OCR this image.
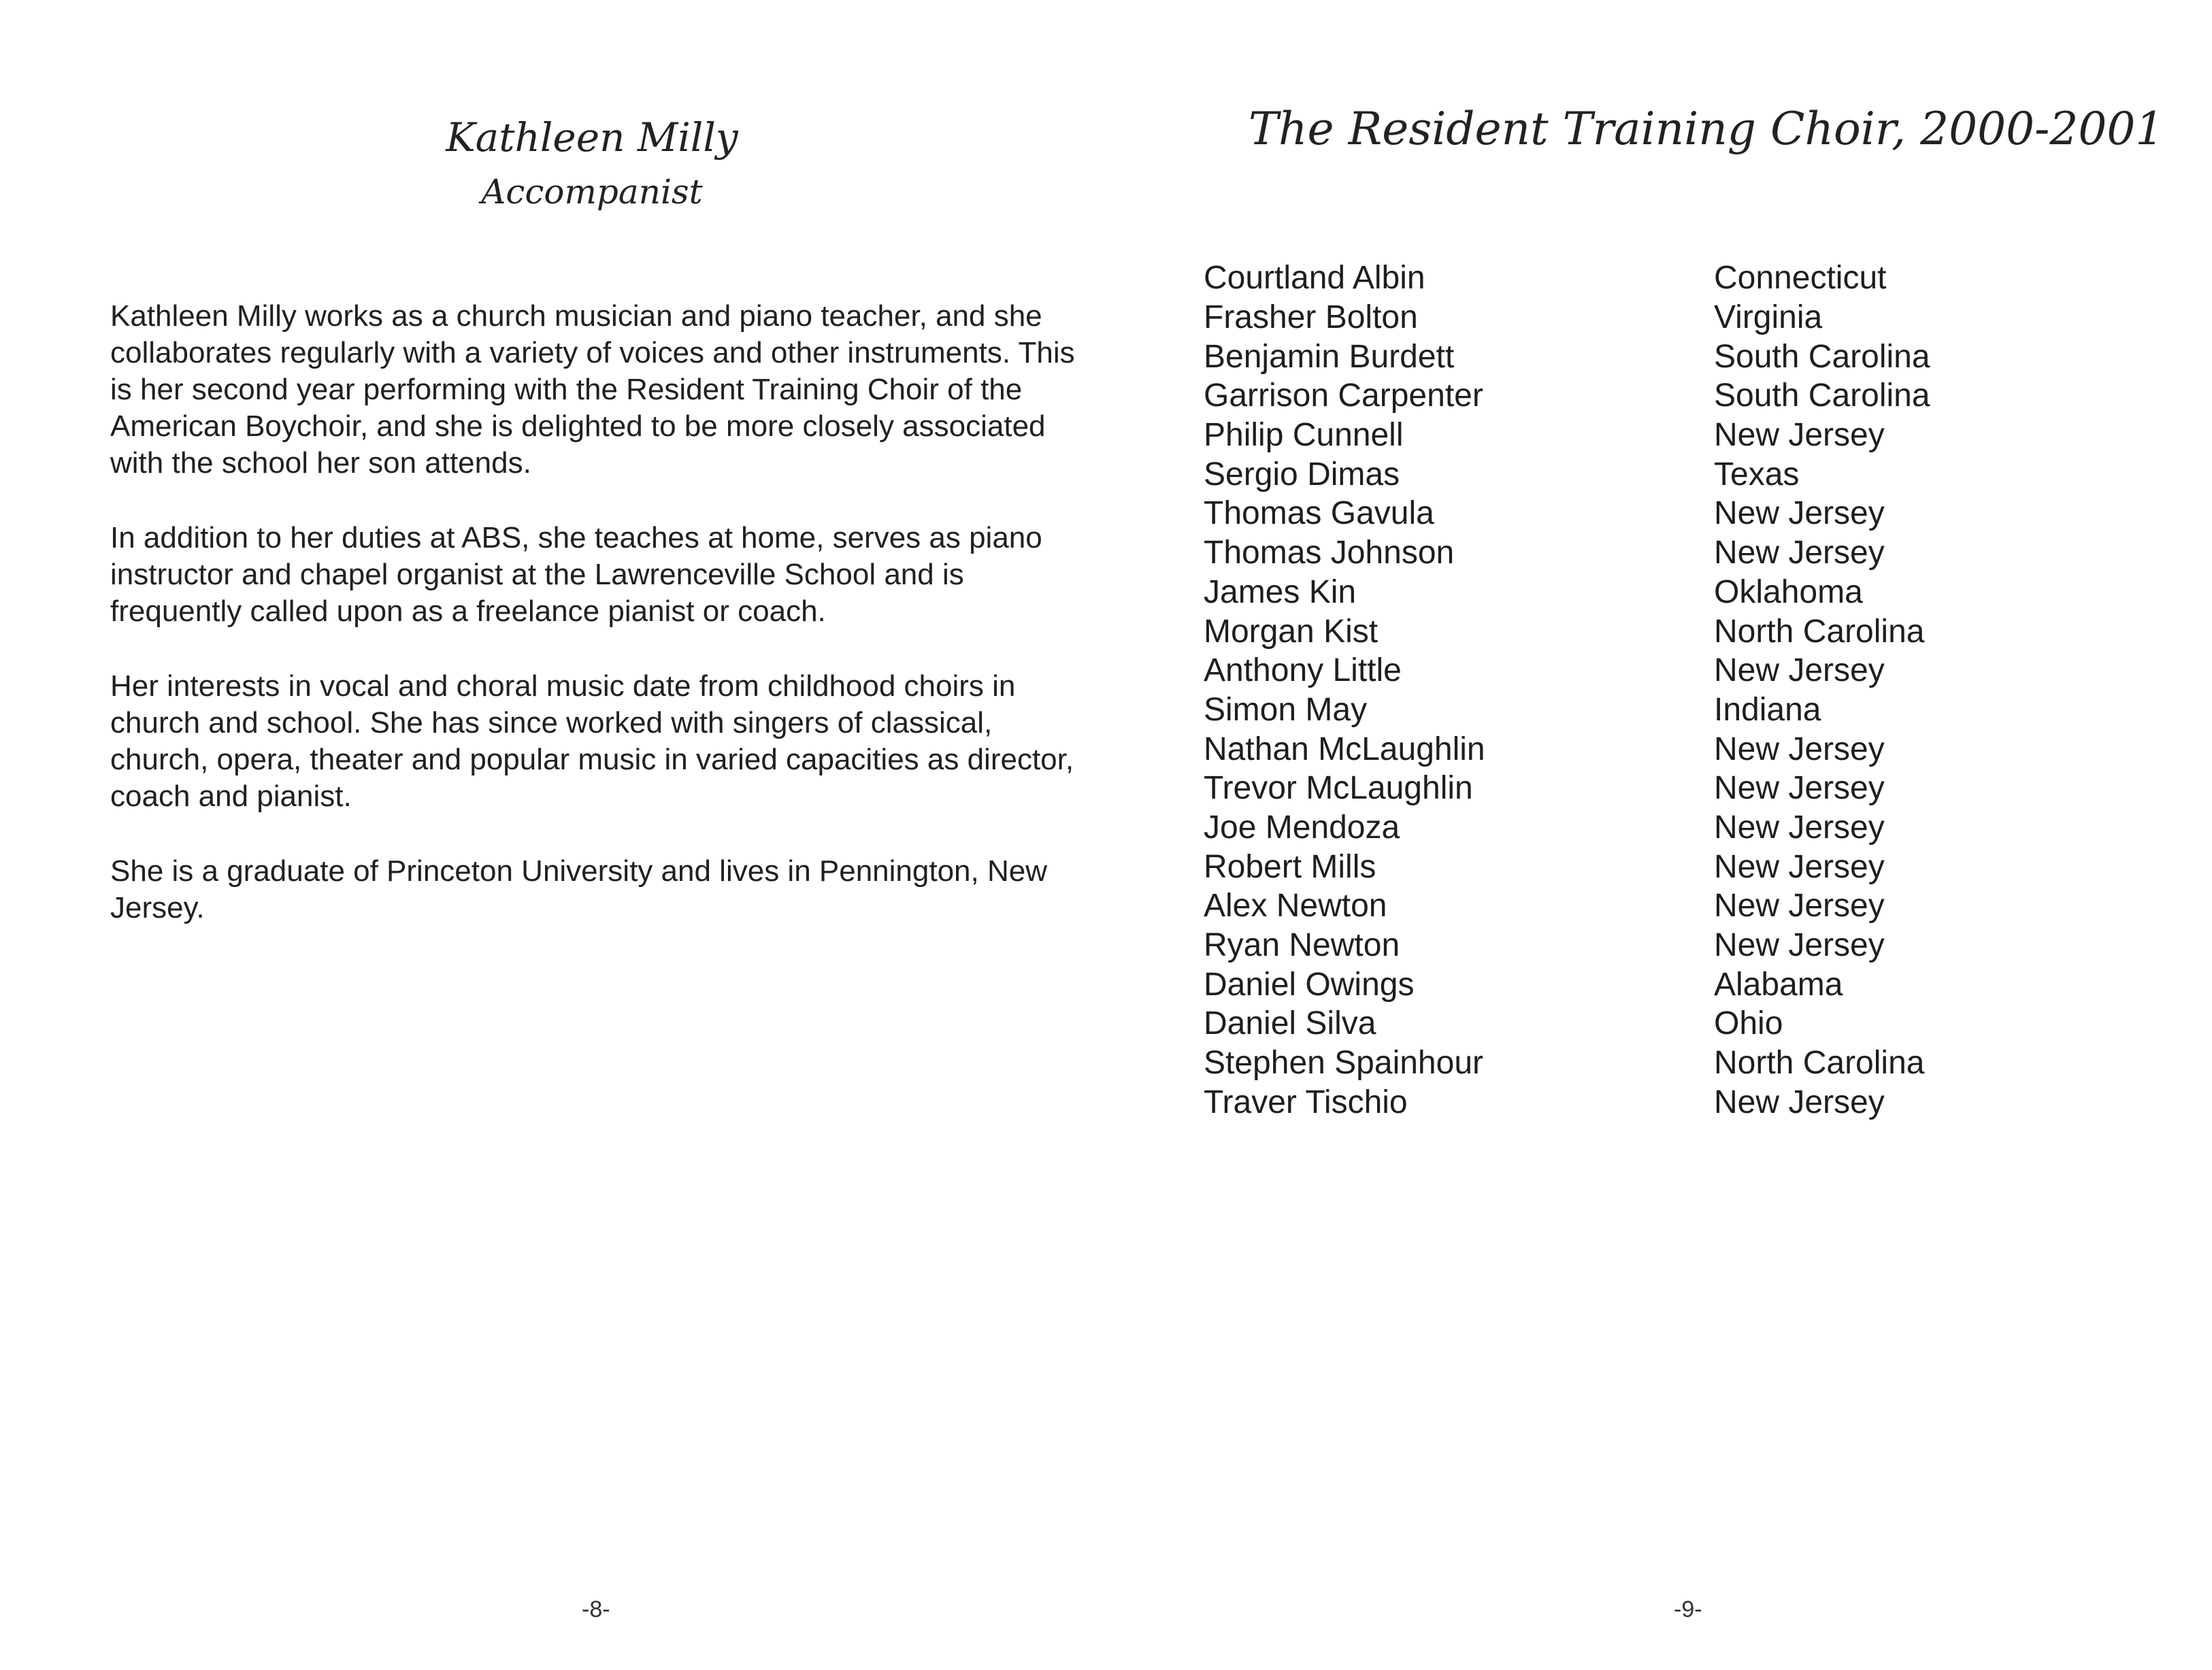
Kathleen Milly
Accompanist

Kathleen Milly works as a church musician and piano teacher, and she collaborates regularly with a variety of voices and other instruments. This is her second year performing with the Resident Training Choir of the American Boychoir, and she is delighted to be more closely associated with the school her son attends.

In addition to her duties at ABS, she teaches at home, serves as piano instructor and chapel organist at the Lawrenceville School and is frequently called upon as a freelance pianist or coach.

Her interests in vocal and choral music date from childhood choirs in church and school. She has since worked with singers of classical, church, opera, theater and popular music in varied capacities as director, coach and pianist.

She is a graduate of Princeton University and lives in Pennington, New Jersey.

-8-
The Resident Training Choir, 2000-2001
Courtland Albin	Connecticut
Frasher Bolton	Virginia
Benjamin Burdett	South Carolina
Garrison Carpenter	South Carolina
Philip Cunnell	New Jersey
Sergio Dimas	Texas
Thomas Gavula	New Jersey
Thomas Johnson	New Jersey
James Kin	Oklahoma
Morgan Kist	North Carolina
Anthony Little	New Jersey
Simon May	Indiana
Nathan McLaughlin	New Jersey
Trevor McLaughlin	New Jersey
Joe Mendoza	New Jersey
Robert Mills	New Jersey
Alex Newton	New Jersey
Ryan Newton	New Jersey
Daniel Owings	Alabama
Daniel Silva	Ohio
Stephen Spainhour	North Carolina
Traver Tischio	New Jersey
-9-
